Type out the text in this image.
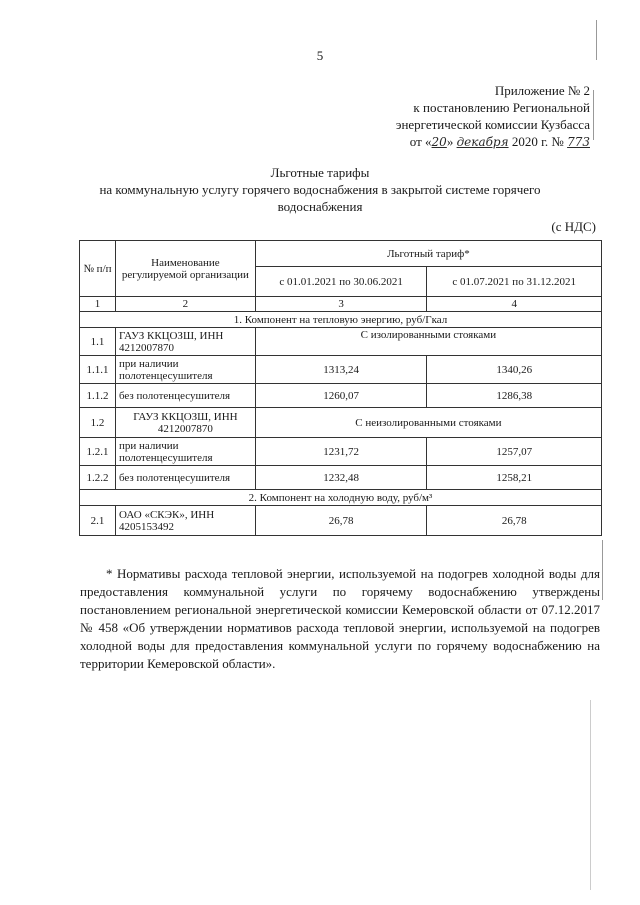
5
Приложение № 2
к постановлению Региональной
энергетической комиссии Кузбасса
от «20» декабря 2020 г. № 773
Льготные тарифы
на коммунальную услугу горячего водоснабжения в закрытой системе горячего
водоснабжения
(с НДС)
№ п/п	Наименование регулируемой организации	Льготный тариф*	
		с 01.01.2021 по 30.06.2021	с 01.07.2021 по 31.12.2021
1	2	3	4
1. Компонент на тепловую энергию, руб/Гкал			
1.1	ГАУЗ ККЦОЗШ, ИНН 4212007870	С изолированными стояками	
1.1.1	при наличии полотенцесушителя	1313,24	1340,26
1.1.2	без полотенцесушителя	1260,07	1286,38
1.2	ГАУЗ ККЦОЗШ, ИНН 4212007870	С неизолированными стояками	
1.2.1	при наличии полотенцесушителя	1231,72	1257,07
1.2.2	без полотенцесушителя	1232,48	1258,21
2. Компонент на холодную воду, руб/м³			
2.1	ОАО «СКЭК», ИНН 4205153492	26,78	26,78
* Нормативы расхода тепловой энергии, используемой на подогрев холодной воды для предоставления коммунальной услуги по горячему водоснабжению утверждены постановлением региональной энергетической комиссии Кемеровской области от 07.12.2017 № 458 «Об утверждении нормативов расхода тепловой энергии, используемой на подогрев холодной воды для предоставления коммунальной услуги по горячему водоснабжению на территории Кемеровской области».
